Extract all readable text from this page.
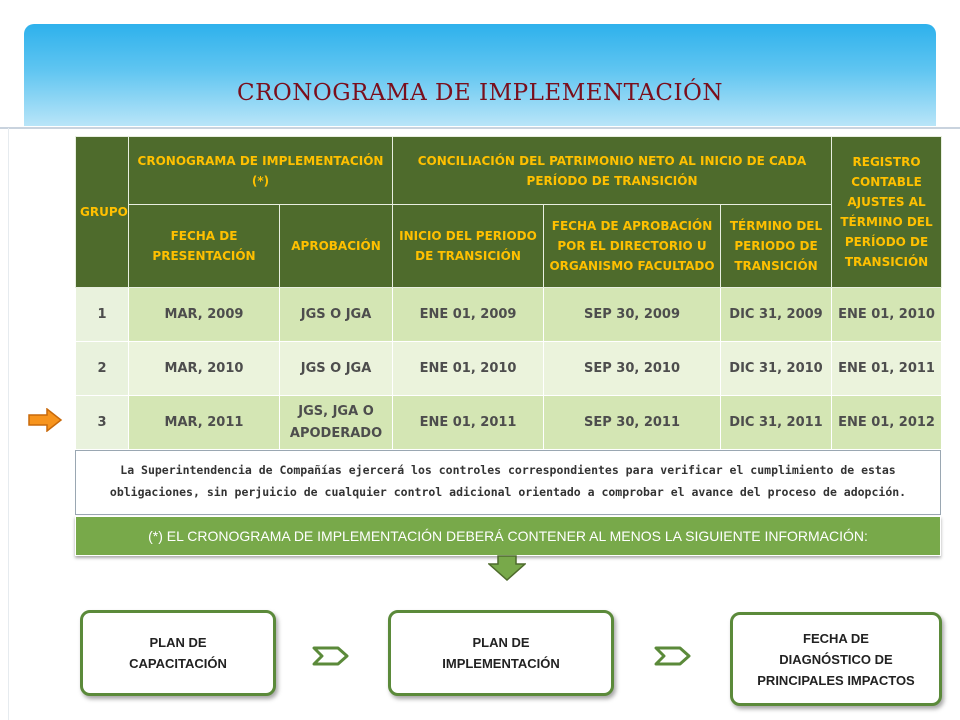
CRONOGRAMA DE IMPLEMENTACIÓN
GRUPO	CRONOGRAMA DE IMPLEMENTACIÓN (*)		CONCILIACIÓN DEL PATRIMONIO NETO AL INICIO DE CADA PERÍODO DE TRANSICIÓN			REGISTRO CONTABLE AJUSTES AL TÉRMINO DEL PERÍODO DE TRANSICIÓN
	FECHA DE PRESENTACIÓN	APROBACIÓN	INICIO DEL PERIODO DE TRANSICIÓN	FECHA DE APROBACIÓN POR EL DIRECTORIO U ORGANISMO FACULTADO	TÉRMINO DEL PERIODO DE TRANSICIÓN	
1	MAR, 2009	JGS O JGA	ENE 01, 2009	SEP 30, 2009	DIC 31, 2009	ENE 01, 2010
2	MAR, 2010	JGS O JGA	ENE 01, 2010	SEP 30, 2010	DIC 31, 2010	ENE 01, 2011
3	MAR, 2011	JGS, JGA O APODERADO	ENE 01, 2011	SEP 30, 2011	DIC 31, 2011	ENE 01, 2012
La Superintendencia de Compañías ejercerá los controles correspondientes para verificar el cumplimiento de estas obligaciones, sin perjuicio de cualquier control adicional orientado a comprobar el avance del proceso de adopción.
(*) EL CRONOGRAMA DE IMPLEMENTACIÓN DEBERÁ CONTENER AL MENOS LA SIGUIENTE INFORMACIÓN:
PLAN DE CAPACITACIÓN
PLAN DE IMPLEMENTACIÓN
FECHA DE DIAGNÓSTICO DE PRINCIPALES IMPACTOS
